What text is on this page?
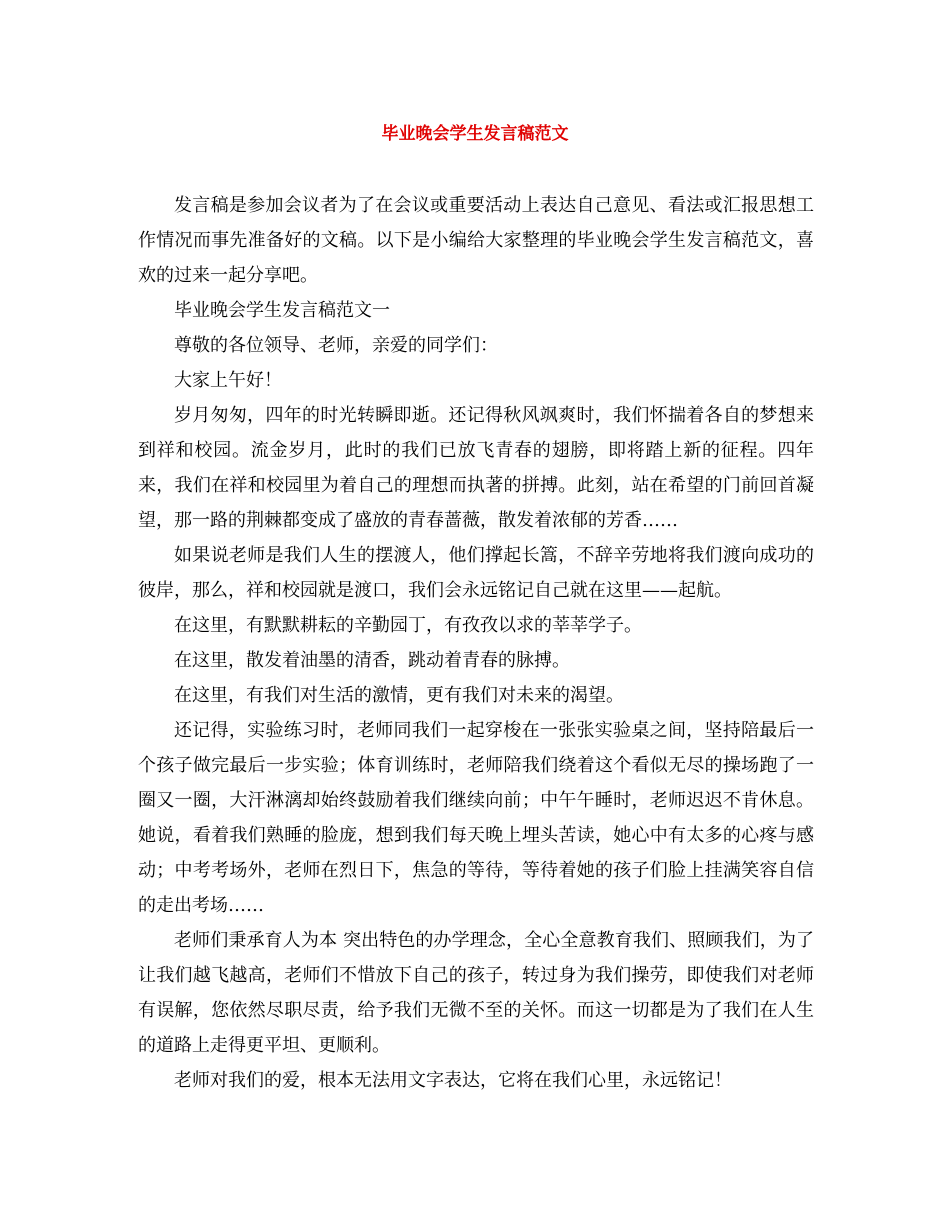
毕业晚会学生发言稿范文

发言稿是参加会议者为了在会议或重要活动上表达自己意见、看法或汇报思想工作情况而事先准备好的文稿。以下是小编给大家整理的毕业晚会学生发言稿范文，喜欢的过来一起分享吧。

毕业晚会学生发言稿范文一

尊敬的各位领导、老师，亲爱的同学们：

大家上午好！

岁月匆匆，四年的时光转瞬即逝。还记得秋风飒爽时，我们怀揣着各自的梦想来到祥和校园。流金岁月，此时的我们已放飞青春的翅膀，即将踏上新的征程。四年来，我们在祥和校园里为着自己的理想而执著的拼搏。此刻，站在希望的门前回首凝望，那一路的荆棘都变成了盛放的青春蔷薇，散发着浓郁的芳香……

如果说老师是我们人生的摆渡人，他们撑起长篙，不辞辛劳地将我们渡向成功的彼岸，那么，祥和校园就是渡口，我们会永远铭记自己就在这里——起航。

在这里，有默默耕耘的辛勤园丁，有孜孜以求的莘莘学子。

在这里，散发着油墨的清香，跳动着青春的脉搏。

在这里，有我们对生活的激情，更有我们对未来的渴望。

还记得，实验练习时，老师同我们一起穿梭在一张张实验桌之间，坚持陪最后一个孩子做完最后一步实验；体育训练时，老师陪我们绕着这个看似无尽的操场跑了一圈又一圈，大汗淋漓却始终鼓励着我们继续向前；中午午睡时，老师迟迟不肯休息。她说，看着我们熟睡的脸庞，想到我们每天晚上埋头苦读，她心中有太多的心疼与感动；中考考场外，老师在烈日下，焦急的等待，等待着她的孩子们脸上挂满笑容自信的走出考场……

老师们秉承育人为本 突出特色的办学理念，全心全意教育我们、照顾我们，为了让我们越飞越高，老师们不惜放下自己的孩子，转过身为我们操劳，即使我们对老师有误解，您依然尽职尽责，给予我们无微不至的关怀。而这一切都是为了我们在人生的道路上走得更平坦、更顺利。

老师对我们的爱，根本无法用文字表达，它将在我们心里，永远铭记！
